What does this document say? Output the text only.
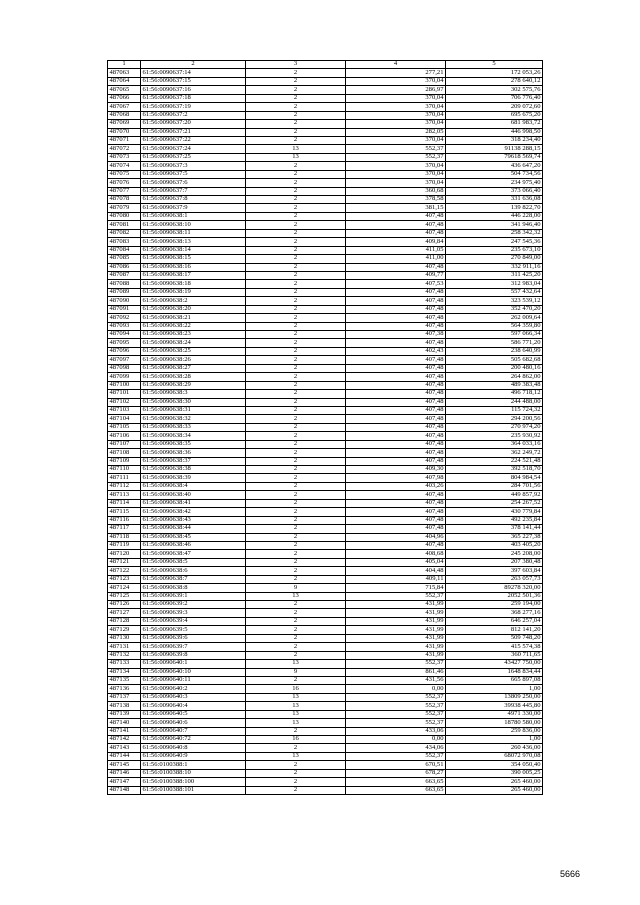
1	2	3	4	5
487063	61:56:0090637:14	2	277,21	172 053,26
487064	61:56:0090637:15	2	370,04	278 640,12
487065	61:56:0090637:16	2	286,97	302 575,76
487066	61:56:0090637:18	2	370,04	706 776,40
487067	61:56:0090637:19	2	370,04	209 072,60
487068	61:56:0090637:2	2	370,04	695 675,20
487069	61:56:0090637:20	2	370,04	681 983,72
487070	61:56:0090637:21	2	282,05	446 998,50
487071	61:56:0090637:22	2	370,04	318 234,40
487072	61:56:0090637:24	13	552,37	91138 288,15
487073	61:56:0090637:25	13	552,37	79618 569,74
487074	61:56:0090637:3	2	370,04	436 647,20
487075	61:56:0090637:5	2	370,04	504 734,56
487076	61:56:0090637:6	2	370,04	234 975,40
487077	61:56:0090637:7	2	360,68	373 066,40
487078	61:56:0090637:8	2	378,58	331 636,08
487079	61:56:0090637:9	2	381,15	139 822,70
487080	61:56:0090638:1	2	407,48	446 228,00
487081	61:56:0090638:10	2	407,48	341 946,40
487082	61:56:0090638:11	2	407,48	258 342,32
487083	61:56:0090638:13	2	409,84	247 545,36
487084	61:56:0090638:14	2	411,05	235 673,10
487085	61:56:0090638:15	2	411,00	270 849,00
487086	61:56:0090638:16	2	407,48	332 911,16
487087	61:56:0090638:17	2	409,77	311 425,20
487088	61:56:0090638:18	2	407,53	312 983,04
487089	61:56:0090638:19	2	407,48	557 432,64
487090	61:56:0090638:2	2	407,48	323 539,12
487091	61:56:0090638:20	2	407,48	352 470,20
487092	61:56:0090638:21	2	407,48	262 009,64
487093	61:56:0090638:22	2	407,48	564 359,80
487094	61:56:0090638:23	2	407,38	597 066,34
487095	61:56:0090638:24	2	407,48	586 771,20
487096	61:56:0090638:25	2	402,43	238 640,99
487097	61:56:0090638:26	2	407,48	505 682,68
487098	61:56:0090638:27	2	407,48	200 480,16
487099	61:56:0090638:28	2	407,48	264 862,00
487100	61:56:0090638:29	2	407,48	489 383,48
487101	61:56:0090638:3	2	407,48	496 718,12
487102	61:56:0090638:30	2	407,48	244 488,00
487103	61:56:0090638:31	2	407,48	115 724,32
487104	61:56:0090638:32	2	407,48	294 200,56
487105	61:56:0090638:33	2	407,48	270 974,20
487106	61:56:0090638:34	2	407,48	235 930,92
487107	61:56:0090638:35	2	407,48	364 033,16
487108	61:56:0090638:36	2	407,48	362 249,72
487109	61:56:0090638:37	2	407,48	224 521,48
487110	61:56:0090638:38	2	409,30	392 518,70
487111	61:56:0090638:39	2	407,98	804 984,54
487112	61:56:0090638:4	2	403,26	284 701,56
487113	61:56:0090638:40	2	407,48	449 857,92
487114	61:56:0090638:41	2	407,48	254 267,52
487115	61:56:0090638:42	2	407,48	430 779,84
487116	61:56:0090638:43	2	407,48	492 235,84
487117	61:56:0090638:44	2	407,48	378 141,44
487118	61:56:0090638:45	2	404,96	365 227,38
487119	61:56:0090638:46	2	407,48	403 405,20
487120	61:56:0090638:47	2	408,68	245 208,00
487121	61:56:0090638:5	2	405,04	207 380,48
487122	61:56:0090638:6	2	404,48	397 603,84
487123	61:56:0090638:7	2	409,11	263 057,73
487124	61:56:0090638:8	9	715,84	89278 320,00
487125	61:56:0090639:1	13	552,37	2052 501,36
487126	61:56:0090639:2	2	431,99	259 194,00
487127	61:56:0090639:3	2	431,99	368 277,16
487128	61:56:0090639:4	2	431,99	646 257,04
487129	61:56:0090639:5	2	431,99	812 141,20
487130	61:56:0090639:6	2	431,99	509 748,20
487131	61:56:0090639:7	2	431,99	415 574,38
487132	61:56:0090639:8	2	431,99	360 711,65
487133	61:56:0090640:1	13	552,37	43427 750,00
487134	61:56:0090640:10	9	861,46	1648 834,44
487135	61:56:0090640:11	2	431,56	665 897,08
487136	61:56:0090640:2	16	0,00	1,00
487137	61:56:0090640:3	13	552,37	13809 250,00
487138	61:56:0090640:4	13	552,37	39938 445,80
487139	61:56:0090640:5	13	552,37	4971 330,00
487140	61:56:0090640:6	13	552,37	18780 580,00
487141	61:56:0090640:7	2	433,06	259 836,00
487142	61:56:0090640:72	16	0,00	1,00
487143	61:56:0090640:8	2	434,06	260 436,00
487144	61:56:0090640:9	13	552,37	68072 970,08
487145	61:56:0100388:1	2	670,51	354 050,40
487146	61:56:0100388:10	2	678,27	390 005,25
487147	61:56:0100388:100	2	663,65	265 460,00
487148	61:56:0100388:101	2	663,65	265 460,00
5666
